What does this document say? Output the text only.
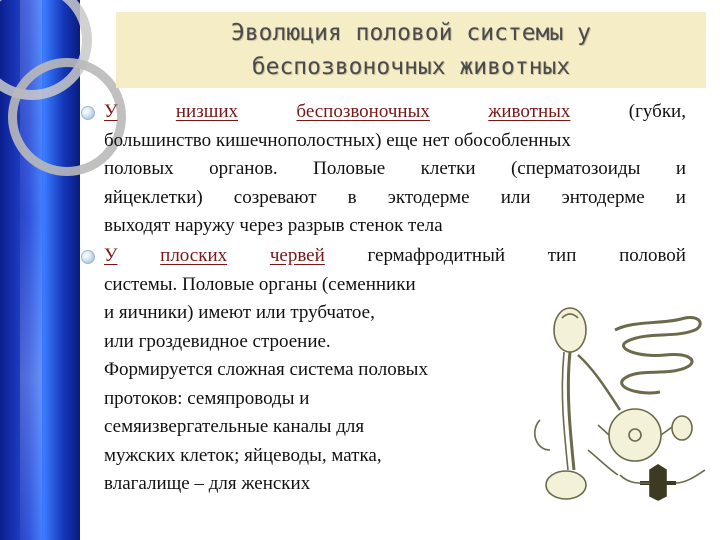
Эволюция половой системы у
беспозвоночных животных
У	низших	беспозвоночных	животных	(губки,
большинство кишечнополостных) еще нет обособленных
половых органов. Половые клетки (сперматозоиды и
яйцеклетки) созревают в эктодерме или энтодерме и
выходят наружу через разрыв стенок тела
У плоских червей гермафродитный тип половой
системы. Половые органы (семенники
и яичники) имеют или трубчатое,
или гроздевидное строение.
Формируется сложная система половых
протоков: семяпроводы и
семяизвергательные каналы для
мужских клеток; яйцеводы, матка,
влагалище – для женских
